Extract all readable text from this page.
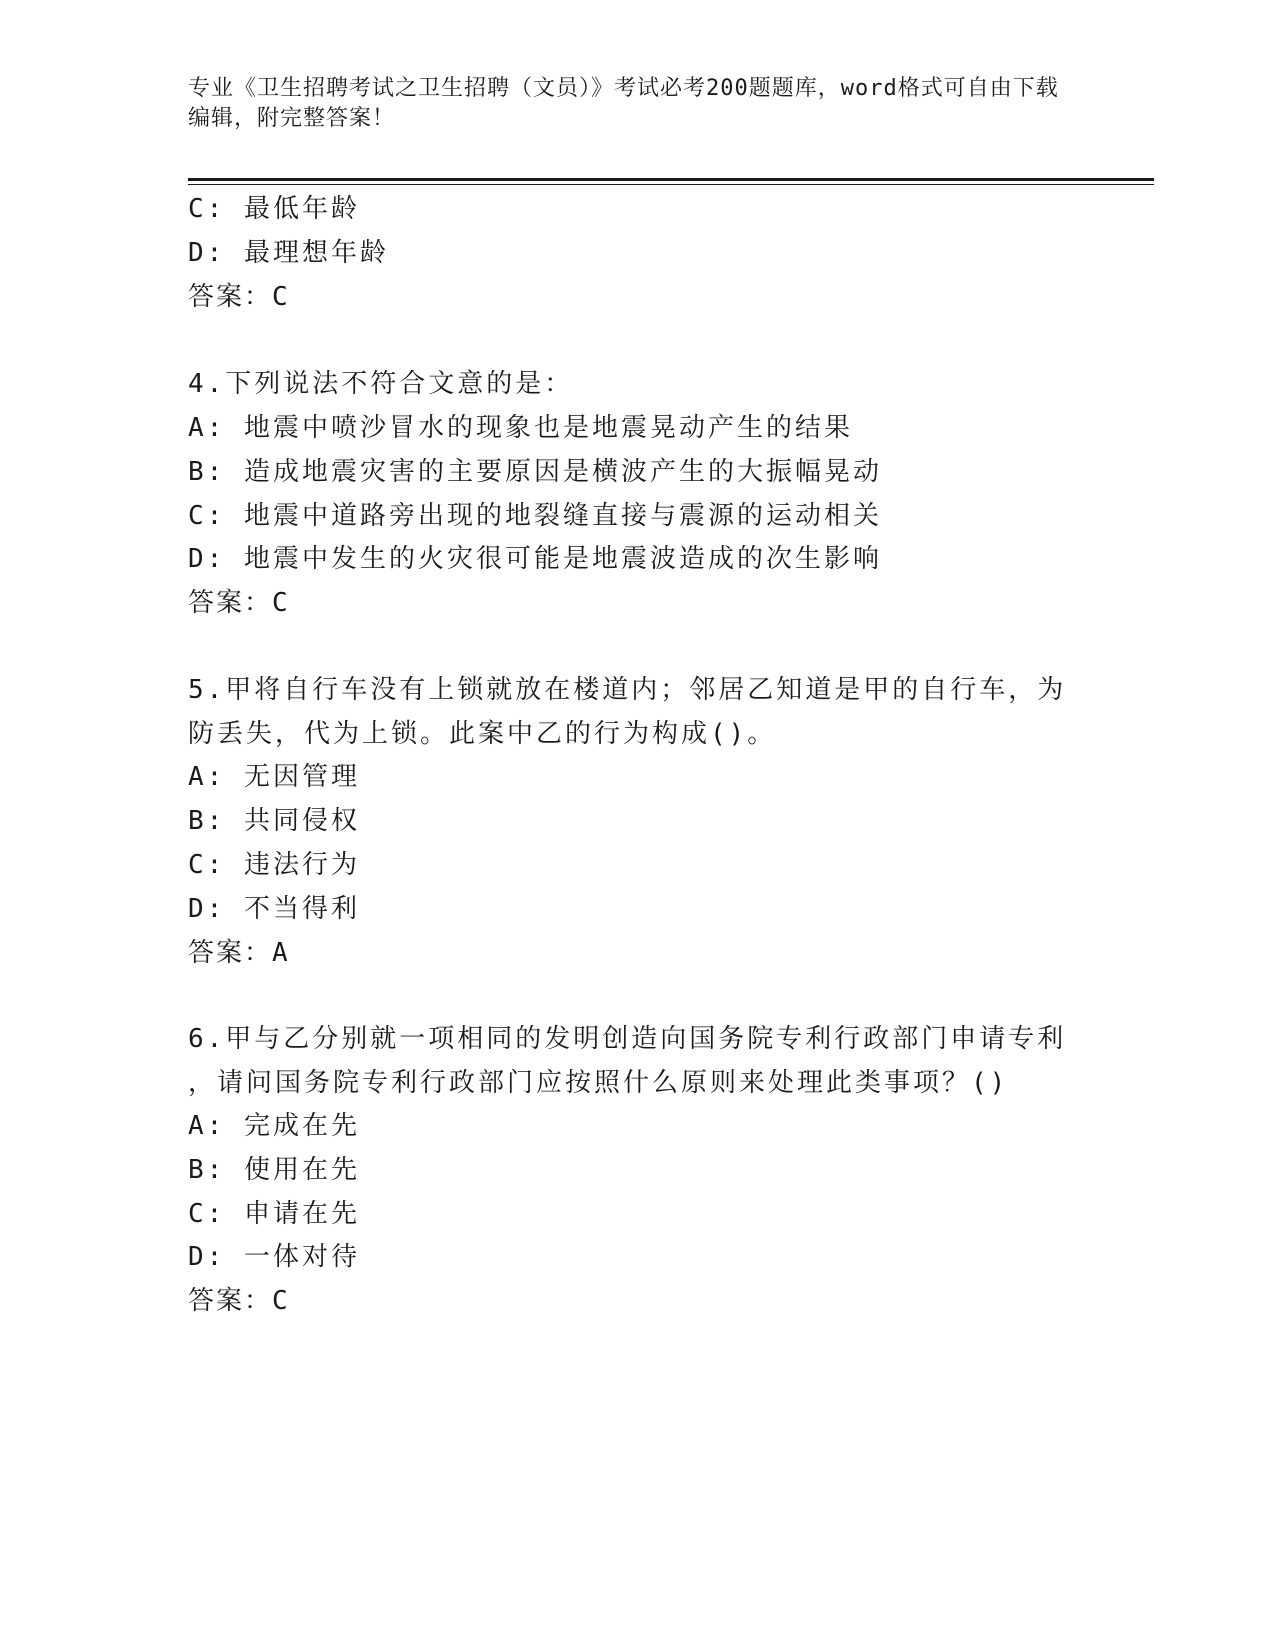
专业《卫生招聘考试之卫生招聘（文员）》考试必考200题题库，word格式可自由下载编辑，附完整答案！
C: 最低年龄
D: 最理想年龄
答案：C
4.下列说法不符合文意的是：
A: 地震中喷沙冒水的现象也是地震晃动产生的结果
B: 造成地震灾害的主要原因是横波产生的大振幅晃动
C: 地震中道路旁出现的地裂缝直接与震源的运动相关
D: 地震中发生的火灾很可能是地震波造成的次生影响
答案：C
5.甲将自行车没有上锁就放在楼道内；邻居乙知道是甲的自行车，为
防丢失，代为上锁。此案中乙的行为构成()。
A: 无因管理
B: 共同侵权
C: 违法行为
D: 不当得利
答案：A
6.甲与乙分别就一项相同的发明创造向国务院专利行政部门申请专利
，请问国务院专利行政部门应按照什么原则来处理此类事项？()
A: 完成在先
B: 使用在先
C: 申请在先
D: 一体对待
答案：C
